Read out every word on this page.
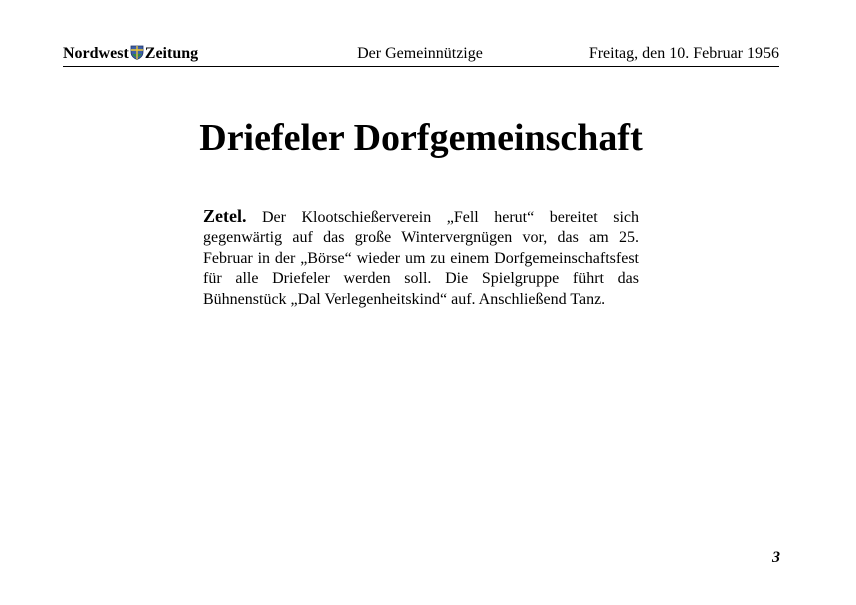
Nordwest Zeitung	Der Gemeinnützige	Freitag, den 10. Februar 1956
Driefeler Dorfgemeinschaft

Zetel. Der Klootschießerverein „Fell herut“ bereitet sich gegenwärtig auf das große Wintervergnügen vor, das am 25. Februar in der „Börse“ wieder um zu einem Dorfgemeinschaftsfest für alle Driefeler werden soll. Die Spielgruppe führt das Bühnenstück „Dal Verlegenheitskind“ auf. Anschließend Tanz.

3
